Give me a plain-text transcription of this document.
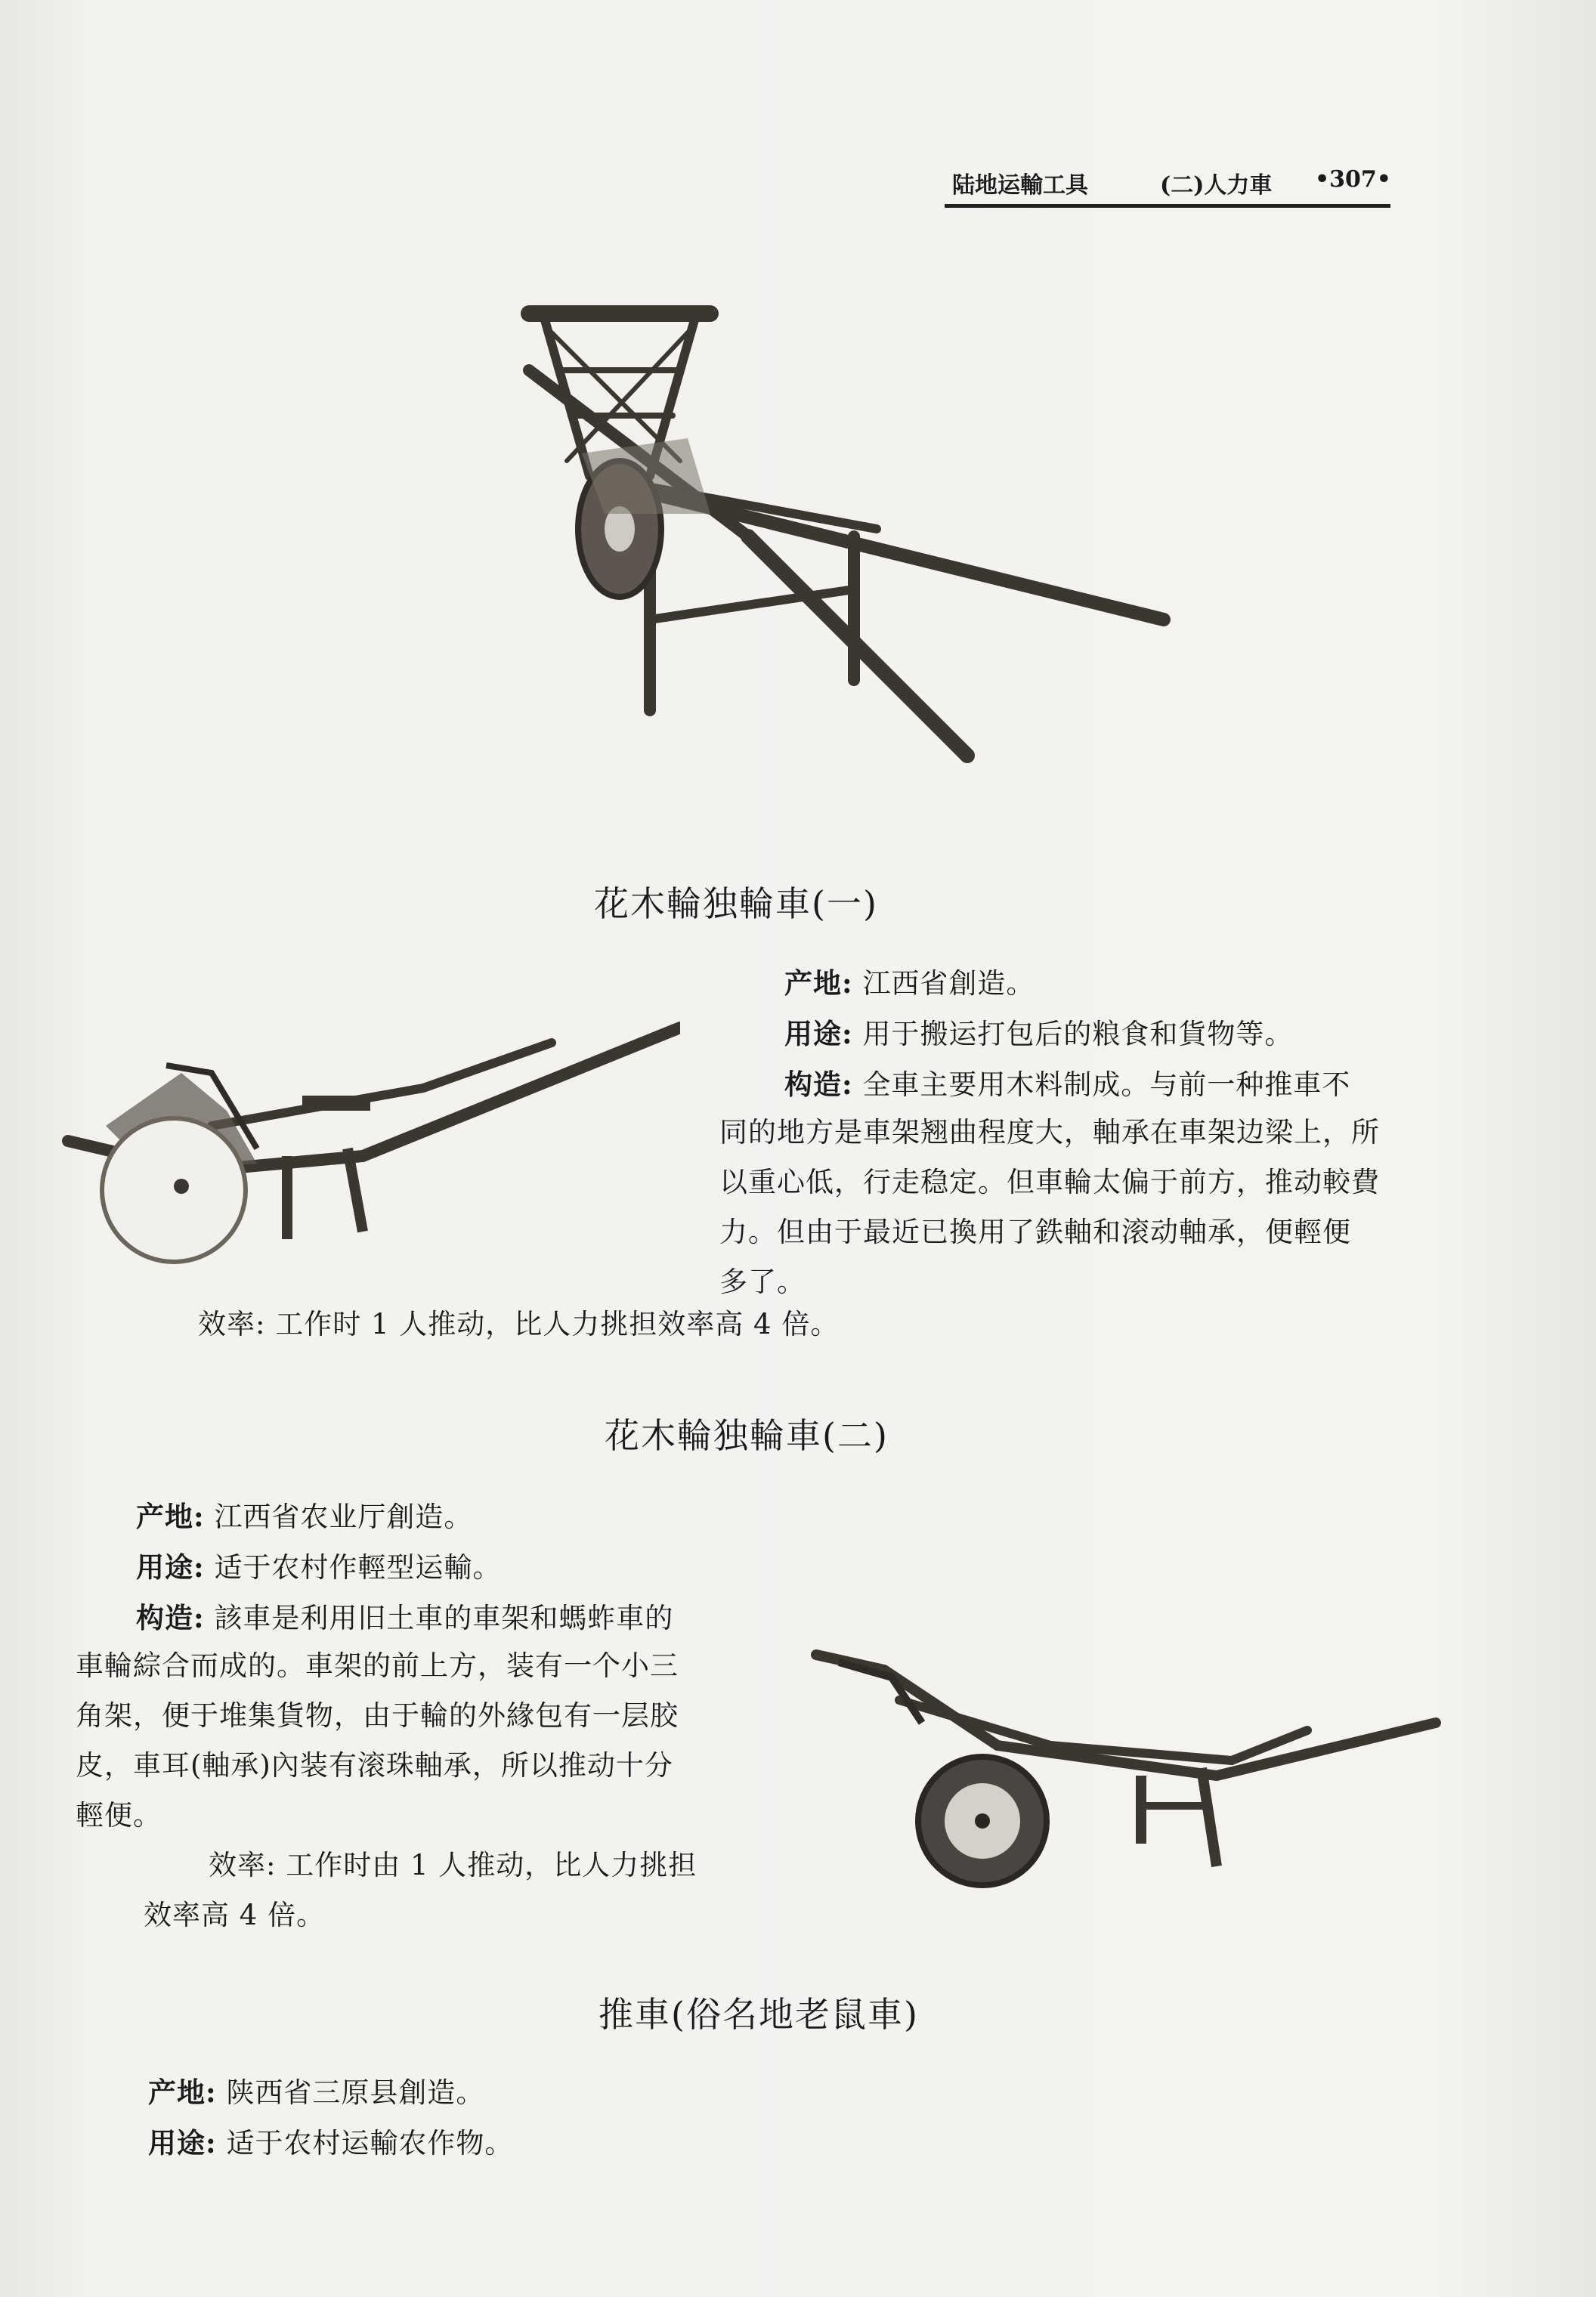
陆地运輸工具	(二)人力車 •307•
花木輪独輪車(一)

产地: 江西省創造。
用途: 用于搬运打包后的粮食和貨物等。
构造: 全車主要用木料制成。与前一种推車不

同的地方是車架翘曲程度大，軸承在車架边梁上，所
以重心低，行走稳定。但車輪太偏于前方，推动較費
力。但由于最近已換用了鉄軸和滚动軸承，便輕便
多了。

效率: 工作时 1 人推动，比人力挑担效率高 4 倍。

花木輪独輪車(二)

产地: 江西省农业厅創造。
用途: 适于农村作輕型运輸。
构造: 該車是利用旧土車的車架和螞蚱車的

車輪綜合而成的。車架的前上方，装有一个小三
角架，便于堆集貨物，由于輪的外緣包有一层胶
皮，車耳(軸承)內装有滚珠軸承，所以推动十分
輕便。

效率: 工作时由 1 人推动，比人力挑担

效率高 4 倍。

推車(俗名地老鼠車)

产地: 陕西省三原县創造。
用途: 适于农村运輸农作物。
